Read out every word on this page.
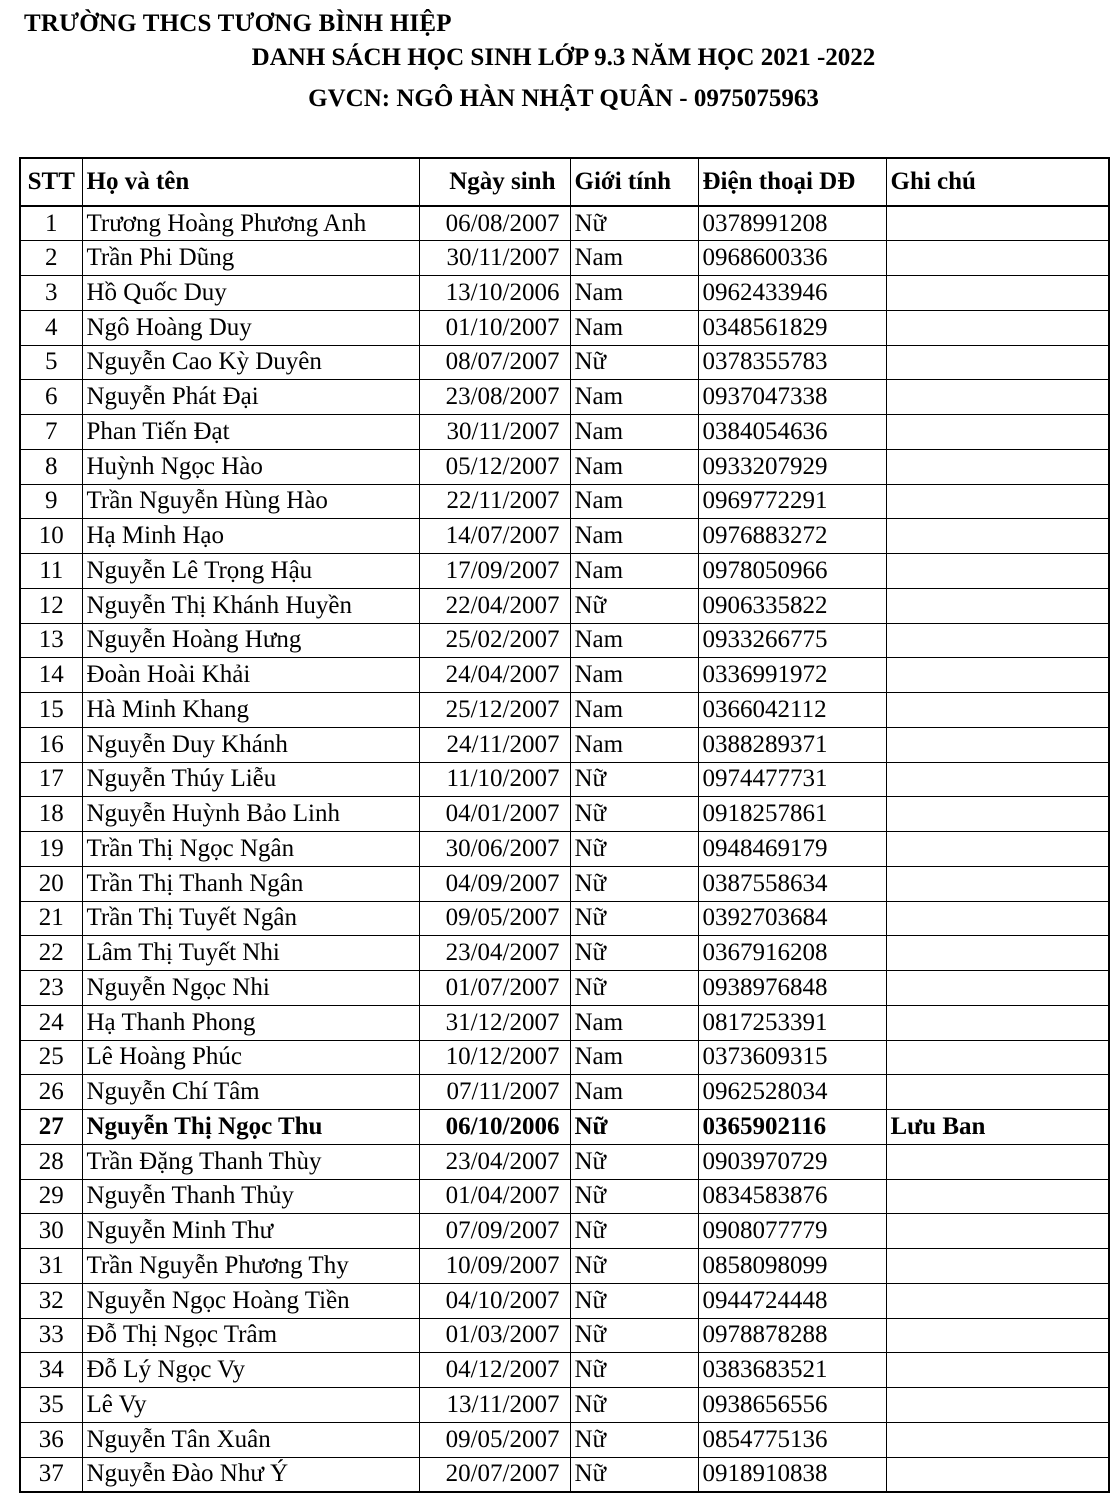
TRƯỜNG THCS TƯƠNG BÌNH HIỆP
DANH SÁCH HỌC SINH LỚP 9.3 NĂM HỌC 2021 -2022
GVCN: NGÔ HÀN NHẬT QUÂN - 0975075963
STT	Họ và tên	Ngày sinh	Giới tính	Điện thoại DĐ	Ghi chú
1	Trương Hoàng Phương Anh	06/08/2007	Nữ	0378991208	
2	Trần Phi Dũng	30/11/2007	Nam	0968600336	
3	Hồ Quốc Duy	13/10/2006	Nam	0962433946	
4	Ngô Hoàng Duy	01/10/2007	Nam	0348561829	
5	Nguyễn Cao Kỳ Duyên	08/07/2007	Nữ	0378355783	
6	Nguyễn Phát Đại	23/08/2007	Nam	0937047338	
7	Phan Tiến Đạt	30/11/2007	Nam	0384054636	
8	Huỳnh Ngọc Hào	05/12/2007	Nam	0933207929	
9	Trần Nguyễn Hùng Hào	22/11/2007	Nam	0969772291	
10	Hạ Minh Hạo	14/07/2007	Nam	0976883272	
11	Nguyễn Lê Trọng Hậu	17/09/2007	Nam	0978050966	
12	Nguyễn Thị Khánh Huyền	22/04/2007	Nữ	0906335822	
13	Nguyễn Hoàng Hưng	25/02/2007	Nam	0933266775	
14	Đoàn Hoài Khải	24/04/2007	Nam	0336991972	
15	Hà Minh Khang	25/12/2007	Nam	0366042112	
16	Nguyễn Duy Khánh	24/11/2007	Nam	0388289371	
17	Nguyễn Thúy Liễu	11/10/2007	Nữ	0974477731	
18	Nguyễn Huỳnh Bảo Linh	04/01/2007	Nữ	0918257861	
19	Trần Thị Ngọc Ngân	30/06/2007	Nữ	0948469179	
20	Trần Thị Thanh Ngân	04/09/2007	Nữ	0387558634	
21	Trần Thị Tuyết Ngân	09/05/2007	Nữ	0392703684	
22	Lâm Thị Tuyết Nhi	23/04/2007	Nữ	0367916208	
23	Nguyễn Ngọc Nhi	01/07/2007	Nữ	0938976848	
24	Hạ Thanh Phong	31/12/2007	Nam	0817253391	
25	Lê Hoàng Phúc	10/12/2007	Nam	0373609315	
26	Nguyễn Chí Tâm	07/11/2007	Nam	0962528034	
27	Nguyễn Thị Ngọc Thu	06/10/2006	Nữ	0365902116	Lưu Ban
28	Trần Đặng Thanh Thùy	23/04/2007	Nữ	0903970729	
29	Nguyễn Thanh Thủy	01/04/2007	Nữ	0834583876	
30	Nguyễn Minh Thư	07/09/2007	Nữ	0908077779	
31	Trần Nguyễn Phương Thy	10/09/2007	Nữ	0858098099	
32	Nguyễn Ngọc Hoàng Tiền	04/10/2007	Nữ	0944724448	
33	Đỗ Thị Ngọc Trâm	01/03/2007	Nữ	0978878288	
34	Đỗ Lý Ngọc Vy	04/12/2007	Nữ	0383683521	
35	Lê Vy	13/11/2007	Nữ	0938656556	
36	Nguyễn Tân Xuân	09/05/2007	Nữ	0854775136	
37	Nguyễn Đào Như Ý	20/07/2007	Nữ	0918910838	
